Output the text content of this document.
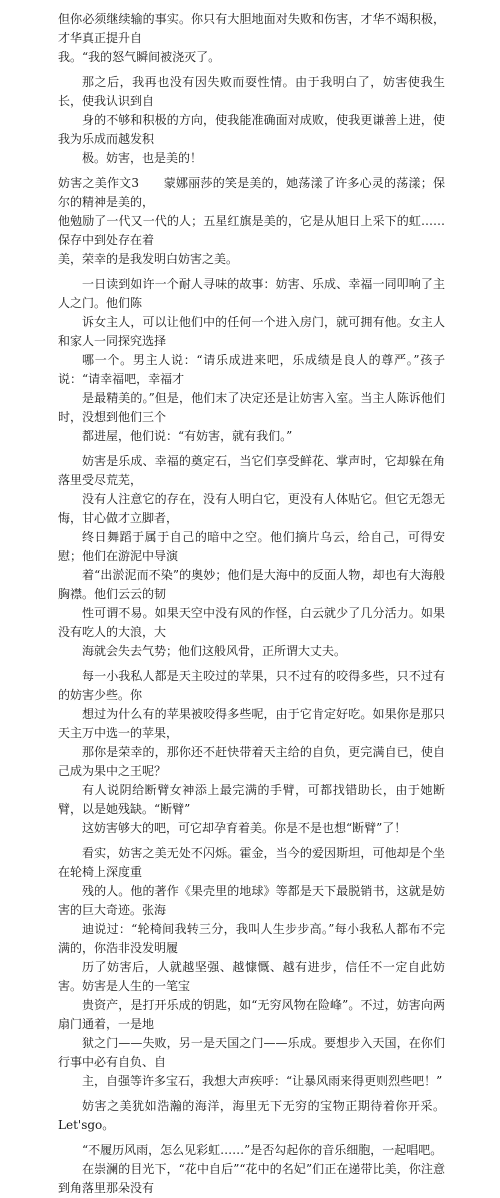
但你必须继续输的事实。你只有大胆地面对失败和伤害，才华不竭积极，才华真正提升自
我。“我的怒气瞬间被浇灭了。

那之后，我再也没有因失败而耍性情。由于我明白了，妨害使我生长，使我认识到自
身的不够和积极的方向，使我能准确面对成败，使我更谦善上进，使我为乐成而越发积
极。妨害，也是美的！

妨害之美作文3　　蒙娜丽莎的笑是美的，她荡漾了许多心灵的荡漾；保尔的精神是美的，
他勉励了一代又一代的人；五星红旗是美的，它是从旭日上采下的虹……保存中到处存在着
美，荣幸的是我发明白妨害之美。

一日读到如许一个耐人寻味的故事：妨害、乐成、幸福一同叩响了主人之门。他们陈
诉女主人，可以让他们中的任何一个进入房门，就可拥有他。女主人和家人一同探究选择
哪一个。男主人说：“请乐成进来吧，乐成绩是良人的尊严。”孩子说：“请幸福吧，幸福才
是最精美的。”但是，他们末了决定还是让妨害入室。当主人陈诉他们时，没想到他们三个
都进屋，他们说：“有妨害，就有我们。”

妨害是乐成、幸福的奠定石，当它们享受鲜花、掌声时，它却躲在角落里受尽荒芜，
没有人注意它的存在，没有人明白它，更没有人体贴它。但它无怨无悔，甘心做才立脚者，
终日舞蹈于属于自己的暗中之空。他们摘片乌云，给自己，可得安慰；他们在游泥中导演
着“出淤泥而不染”的奥妙；他们是大海中的反面人物，却也有大海般胸襟。他们云云的韧
性可谓不易。如果天空中没有风的作怪，白云就少了几分活力。如果没有吃人的大浪，大
海就会失去气势；他们这般风骨，正所谓大丈夫。

每一小我私人都是天主咬过的苹果，只不过有的咬得多些，只不过有的妨害少些。你
想过为什么有的苹果被咬得多些呢，由于它肯定好吃。如果你是那只天主万中选一的苹果，
那你是荣幸的，那你还不赶快带着天主给的自负，更完满自已，使自己成为果中之王呢？
有人说阴给断臂女神添上最完满的手臂，可都找错助长，由于她断臂，以是她残缺。“断臂”
这妨害够大的吧，可它却孕育着美。你是不是也想“断臂”了！

看实，妨害之美无处不闪烁。霍金，当今的爱因斯坦，可他却是个坐在轮椅上深度重
残的人。他的著作《果壳里的地球》等都是天下最脱销书，这就是妨害的巨大奇迹。张海
迪说过：“轮椅间我转三分，我叫人生步步高。”每小我私人都布不完满的，你浩非没发明履
历了妨害后，人就越坚强、越慷慨、越有进步，信任不一定自此妨害。妨害是人生的一笔宝
贵资产，是打开乐成的钥匙，如“无穷风物在险峰”。不过，妨害向两扇门通着，一是地
狱之门——失败，另一是天国之门——乐成。要想步入天国，在你们行事中必有自负、自
主，自强等许多宝石，我想大声疾呼：“让暴风雨来得更则烈些吧！”

妨害之美犹如浩瀚的海洋，海里无下无穷的宝物正期待着你开采。Let'sgo。

“不履历风雨，怎么见彩虹……”是否勾起你的音乐细胞，一起唱吧。
在崇澜的目光下，“花中自后”“花中的名妃”们正在递带比美，你注意到角落里那朵没有
